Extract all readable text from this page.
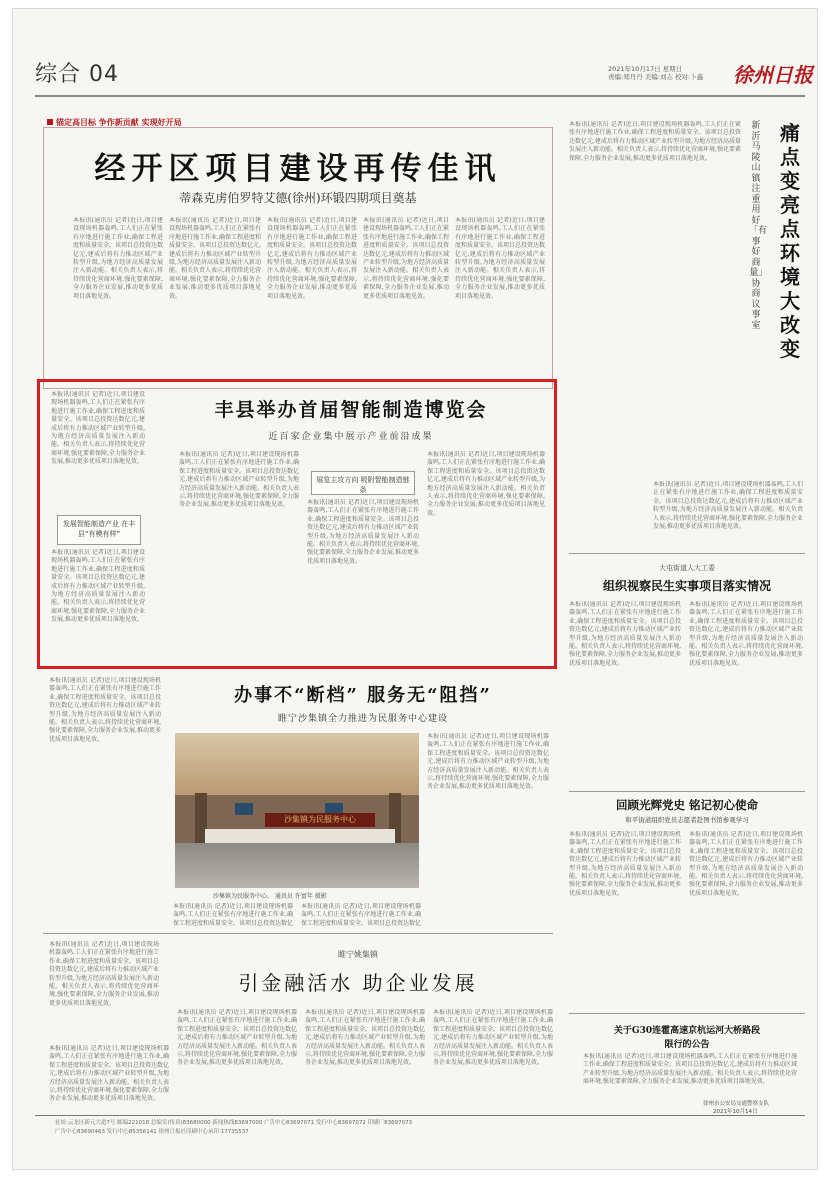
综合 04	2021年10月17日 星期日
责编:郑丹丹 美编:刘志 校对:卜鑫	徐州日报
锚定高目标 争作新贡献 实现好开局
经开区项目建设再传佳讯
蒂森克虏伯罗特艾德(徐州)环锻四期项目奠基
本报讯(通讯员 记者)近日,项目建设现场机器轰鸣,工人们正在紧张有序地进行施工作业,确保工程进度和质量安全。该项目总投资达数亿元,建成后将有力推动区域产业转型升级,为地方经济高质量发展注入新动能。相关负责人表示,将持续优化营商环境,强化要素保障,全力服务企业发展,推动更多优质项目落地见效。
本报讯(通讯员 记者)近日,项目建设现场机器轰鸣,工人们正在紧张有序地进行施工作业,确保工程进度和质量安全。该项目总投资达数亿元,建成后将有力推动区域产业转型升级,为地方经济高质量发展注入新动能。相关负责人表示,将持续优化营商环境,强化要素保障,全力服务企业发展,推动更多优质项目落地见效。
本报讯(通讯员 记者)近日,项目建设现场机器轰鸣,工人们正在紧张有序地进行施工作业,确保工程进度和质量安全。该项目总投资达数亿元,建成后将有力推动区域产业转型升级,为地方经济高质量发展注入新动能。相关负责人表示,将持续优化营商环境,强化要素保障,全力服务企业发展,推动更多优质项目落地见效。
本报讯(通讯员 记者)近日,项目建设现场机器轰鸣,工人们正在紧张有序地进行施工作业,确保工程进度和质量安全。该项目总投资达数亿元,建成后将有力推动区域产业转型升级,为地方经济高质量发展注入新动能。相关负责人表示,将持续优化营商环境,强化要素保障,全力服务企业发展,推动更多优质项目落地见效。
本报讯(通讯员 记者)近日,项目建设现场机器轰鸣,工人们正在紧张有序地进行施工作业,确保工程进度和质量安全。该项目总投资达数亿元,建成后将有力推动区域产业转型升级,为地方经济高质量发展注入新动能。相关负责人表示,将持续优化营商环境,强化要素保障,全力服务企业发展,推动更多优质项目落地见效。
本报讯(通讯员 记者)近日,项目建设现场机器轰鸣,工人们正在紧张有序地进行施工作业,确保工程进度和质量安全。该项目总投资达数亿元,建成后将有力推动区域产业转型升级,为地方经济高质量发展注入新动能。相关负责人表示,将持续优化营商环境,强化要素保障,全力服务企业发展,推动更多优质项目落地见效。
发展智能制造产业 在丰县“有模有样”
本报讯(通讯员 记者)近日,项目建设现场机器轰鸣,工人们正在紧张有序地进行施工作业,确保工程进度和质量安全。该项目总投资达数亿元,建成后将有力推动区域产业转型升级,为地方经济高质量发展注入新动能。相关负责人表示,将持续优化营商环境,强化要素保障,全力服务企业发展,推动更多优质项目落地见效。
丰县举办首届智能制造博览会
近百家企业集中展示产业前沿成果
本报讯(通讯员 记者)近日,项目建设现场机器轰鸣,工人们正在紧张有序地进行施工作业,确保工程进度和质量安全。该项目总投资达数亿元,建成后将有力推动区域产业转型升级,为地方经济高质量发展注入新动能。相关负责人表示,将持续优化营商环境,强化要素保障,全力服务企业发展,推动更多优质项目落地见效。
展览主攻方向 吸附智能制造链条
本报讯(通讯员 记者)近日,项目建设现场机器轰鸣,工人们正在紧张有序地进行施工作业,确保工程进度和质量安全。该项目总投资达数亿元,建成后将有力推动区域产业转型升级,为地方经济高质量发展注入新动能。相关负责人表示,将持续优化营商环境,强化要素保障,全力服务企业发展,推动更多优质项目落地见效。
本报讯(通讯员 记者)近日,项目建设现场机器轰鸣,工人们正在紧张有序地进行施工作业,确保工程进度和质量安全。该项目总投资达数亿元,建成后将有力推动区域产业转型升级,为地方经济高质量发展注入新动能。相关负责人表示,将持续优化营商环境,强化要素保障,全力服务企业发展,推动更多优质项目落地见效。
本报讯(通讯员 记者)近日,项目建设现场机器轰鸣,工人们正在紧张有序地进行施工作业,确保工程进度和质量安全。该项目总投资达数亿元,建成后将有力推动区域产业转型升级,为地方经济高质量发展注入新动能。相关负责人表示,将持续优化营商环境,强化要素保障,全力服务企业发展,推动更多优质项目落地见效。
办事不“断档” 服务无“阻挡”
睢宁沙集镇全力推进为民服务中心建设
沙集镇为民服务中心
沙集镇为民服务中心。 通讯员 许富年 摄影
本报讯(通讯员 记者)近日,项目建设现场机器轰鸣,工人们正在紧张有序地进行施工作业,确保工程进度和质量安全。该项目总投资达数亿元,建成后将有力推动区域产业转型升级,为地方经济高质量发展注入新动能。相关负责人表示,将持续优化营商环境,强化要素保障,全力服务企业发展,推动更多优质项目落地见效。
本报讯(通讯员 记者)近日,项目建设现场机器轰鸣,工人们正在紧张有序地进行施工作业,确保工程进度和质量安全。该项目总投资达数亿
本报讯(通讯员 记者)近日,项目建设现场机器轰鸣,工人们正在紧张有序地进行施工作业,确保工程进度和质量安全。该项目总投资达数亿
本报讯(通讯员 记者)近日,项目建设现场机器轰鸣,工人们正在紧张有序地进行施工作业,确保工程进度和质量安全。该项目总投资达数亿元,建成后将有力推动区域产业转型升级,为地方经济高质量发展注入新动能。相关负责人表示,将持续优化营商环境,强化要素保障,全力服务企业发展,推动更多优质项目落地见效。
睢宁姚集镇
引金融活水 助企业发展
本报讯(通讯员 记者)近日,项目建设现场机器轰鸣,工人们正在紧张有序地进行施工作业,确保工程进度和质量安全。该项目总投资达数亿元,建成后将有力推动区域产业转型升级,为地方经济高质量发展注入新动能。相关负责人表示,将持续优化营商环境,强化要素保障,全力服务企业发展,推动更多优质项目落地见效。
本报讯(通讯员 记者)近日,项目建设现场机器轰鸣,工人们正在紧张有序地进行施工作业,确保工程进度和质量安全。该项目总投资达数亿元,建成后将有力推动区域产业转型升级,为地方经济高质量发展注入新动能。相关负责人表示,将持续优化营商环境,强化要素保障,全力服务企业发展,推动更多优质项目落地见效。
本报讯(通讯员 记者)近日,项目建设现场机器轰鸣,工人们正在紧张有序地进行施工作业,确保工程进度和质量安全。该项目总投资达数亿元,建成后将有力推动区域产业转型升级,为地方经济高质量发展注入新动能。相关负责人表示,将持续优化营商环境,强化要素保障,全力服务企业发展,推动更多优质项目落地见效。
本报讯(通讯员 记者)近日,项目建设现场机器轰鸣,工人们正在紧张有序地进行施工作业,确保工程进度和质量安全。该项目总投资达数亿元,建成后将有力推动区域产业转型升级,为地方经济高质量发展注入新动能。相关负责人表示,将持续优化营商环境,强化要素保障,全力服务企业发展,推动更多优质项目落地见效。
本报讯(通讯员 记者)近日,项目建设现场机器轰鸣,工人们正在紧张有序地进行施工作业,确保工程进度和质量安全。该项目总投资达数亿元,建成后将有力推动区域产业转型升级,为地方经济高质量发展注入新动能。相关负责人表示,将持续优化营商环境,强化要素保障,全力服务企业发展,推动更多优质项目落地见效。
新沂马陵山镇注重用好「有事好商量」协商议事室
痛点变亮点 环境大改变
本报讯(通讯员 记者)近日,项目建设现场机器轰鸣,工人们正在紧张有序地进行施工作业,确保工程进度和质量安全。该项目总投资达数亿元,建成后将有力推动区域产业转型升级,为地方经济高质量发展注入新动能。相关负责人表示,将持续优化营商环境,强化要素保障,全力服务企业发展,推动更多优质项目落地见效。
大屯街道人大工委
组织视察民生实事项目落实情况
本报讯(通讯员 记者)近日,项目建设现场机器轰鸣,工人们正在紧张有序地进行施工作业,确保工程进度和质量安全。该项目总投资达数亿元,建成后将有力推动区域产业转型升级,为地方经济高质量发展注入新动能。相关负责人表示,将持续优化营商环境,强化要素保障,全力服务企业发展,推动更多优质项目落地见效。
本报讯(通讯员 记者)近日,项目建设现场机器轰鸣,工人们正在紧张有序地进行施工作业,确保工程进度和质量安全。该项目总投资达数亿元,建成后将有力推动区域产业转型升级,为地方经济高质量发展注入新动能。相关负责人表示,将持续优化营商环境,强化要素保障,全力服务企业发展,推动更多优质项目落地见效。
回顾光辉党史 铭记初心使命
和平街道组织党员志愿者赴图书馆参观学习
本报讯(通讯员 记者)近日,项目建设现场机器轰鸣,工人们正在紧张有序地进行施工作业,确保工程进度和质量安全。该项目总投资达数亿元,建成后将有力推动区域产业转型升级,为地方经济高质量发展注入新动能。相关负责人表示,将持续优化营商环境,强化要素保障,全力服务企业发展,推动更多优质项目落地见效。
本报讯(通讯员 记者)近日,项目建设现场机器轰鸣,工人们正在紧张有序地进行施工作业,确保工程进度和质量安全。该项目总投资达数亿元,建成后将有力推动区域产业转型升级,为地方经济高质量发展注入新动能。相关负责人表示,将持续优化营商环境,强化要素保障,全力服务企业发展,推动更多优质项目落地见效。
关于G30连霍高速京杭运河大桥路段
限行的公告
本报讯(通讯员 记者)近日,项目建设现场机器轰鸣,工人们正在紧张有序地进行施工作业,确保工程进度和质量安全。该项目总投资达数亿元,建成后将有力推动区域产业转型升级,为地方经济高质量发展注入新动能。相关负责人表示,将持续优化营商环境,强化要素保障,全力服务企业发展,推动更多优质项目落地见效。
徐州市公安局交通警察支队
2021年10月14日
社址:云龙区新元大道7号 邮编221018 总编室(传真)83680000 新闻热线83697000 广告中心83697071 发行中心83697072 印刷厂83697073
广告中心83690463 发行中心85356141 徐州日报社印刷中心承印 17735537
